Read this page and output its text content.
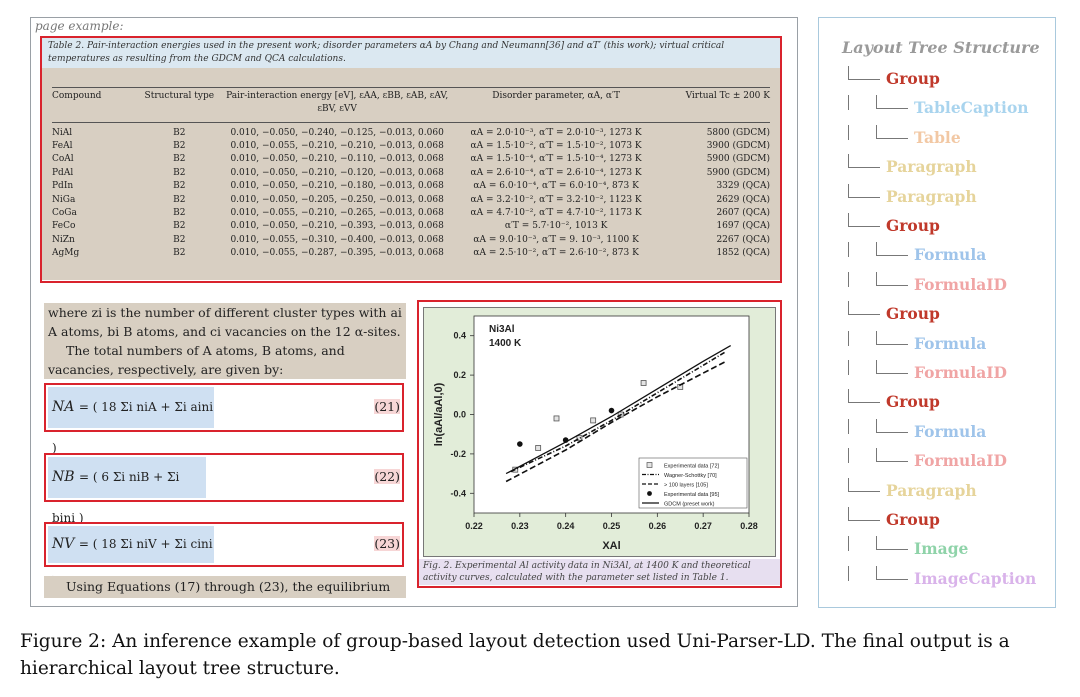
page example:
Table 2. Pair-interaction energies used in the present work; disorder parameters αA by Chang and Neumann[36] and αT′ (this work); virtual critical temperatures as resulting from the GDCM and QCA calculations.
Compound	Structural type	Pair-interaction energy [eV], εAA, εBB, εAB, εAV, εBV, εVV	Disorder parameter, αA, α′T	Virtual Tc ± 200 K
NiAl	B2	0.010, −0.050, −0.240, −0.125, −0.013, 0.060	αA = 2.0·10⁻³, α′T = 2.0·10⁻³, 1273 K	5800 (GDCM)
FeAl	B2	0.010, −0.055, −0.210, −0.210, −0.013, 0.068	αA = 1.5·10⁻², α′T = 1.5·10⁻², 1073 K	3900 (GDCM)
CoAl	B2	0.010, −0.050, −0.210, −0.110, −0.013, 0.068	αA = 1.5·10⁻⁴, α′T = 1.5·10⁻⁴, 1273 K	5900 (GDCM)
PdAl	B2	0.010, −0.050, −0.210, −0.120, −0.013, 0.068	αA = 2.6·10⁻⁴, α′T = 2.6·10⁻⁴, 1273 K	5900 (GDCM)
PdIn	B2	0.010, −0.050, −0.210, −0.180, −0.013, 0.068	αA = 6.0·10⁻⁴, α′T = 6.0·10⁻⁴, 873 K	3329 (QCA)
NiGa	B2	0.010, −0.050, −0.205, −0.250, −0.013, 0.068	αA = 3.2·10⁻², α′T = 3.2·10⁻², 1123 K	2629 (QCA)
CoGa	B2	0.010, −0.055, −0.210, −0.265, −0.013, 0.068	αA = 4.7·10⁻², α′T = 4.7·10⁻², 1173 K	2607 (QCA)
FeCo	B2	0.010, −0.050, −0.210, −0.393, −0.013, 0.068	α′T = 5.7·10⁻², 1013 K	1697 (QCA)
NiZn	B2	0.010, −0.055, −0.310, −0.400, −0.013, 0.068	αA = 9.0·10⁻³, α′T = 9. 10⁻³, 1100 K	2267 (QCA)
AgMg	B2	0.010, −0.055, −0.287, −0.395, −0.013, 0.068	αA = 2.5·10⁻², α′T = 2.6·10⁻², 873 K	1852 (QCA)
where zi is the number of different cluster types with ai A atoms, bi B atoms, and ci vacancies on the 12 α-sites.
The total numbers of A atoms, B atoms, and vacancies, respectively, are given by:
NA = ( 18 Σi niA + Σi aini )
(21)
NB = ( 6 Σi niB + Σi bini )
(22)
NV = ( 18 Σi niV + Σi cini	(23)
Using Equations (17) through (23), the equilibrium
0.22	0.23	0.24	0.25	0.26	0.27	0.28
0.4
0.2
0.0
-0.2
-0.4
XAl
ln(aAl/aAl,0)
Ni3Al
1400 K
Experimental data [72]
Wagner-Schottky [70]
> 100 layers [105]
Experimental data [95]
GDCM (preset work)
Fig. 2. Experimental Al activity data in Ni3Al, at 1400 K and theoretical activity curves, calculated with the parameter set listed in Table 1.
Layout Tree Structure
Group
TableCaption
Table
Paragraph
Paragraph
Group
Formula
FormulaID
Group
Formula
FormulaID
Group
Formula
FormulaID
Paragraph
Group
Image
ImageCaption
Figure 2: An inference example of group-based layout detection used Uni-Parser-LD. The final output is a hierarchical layout tree structure.
